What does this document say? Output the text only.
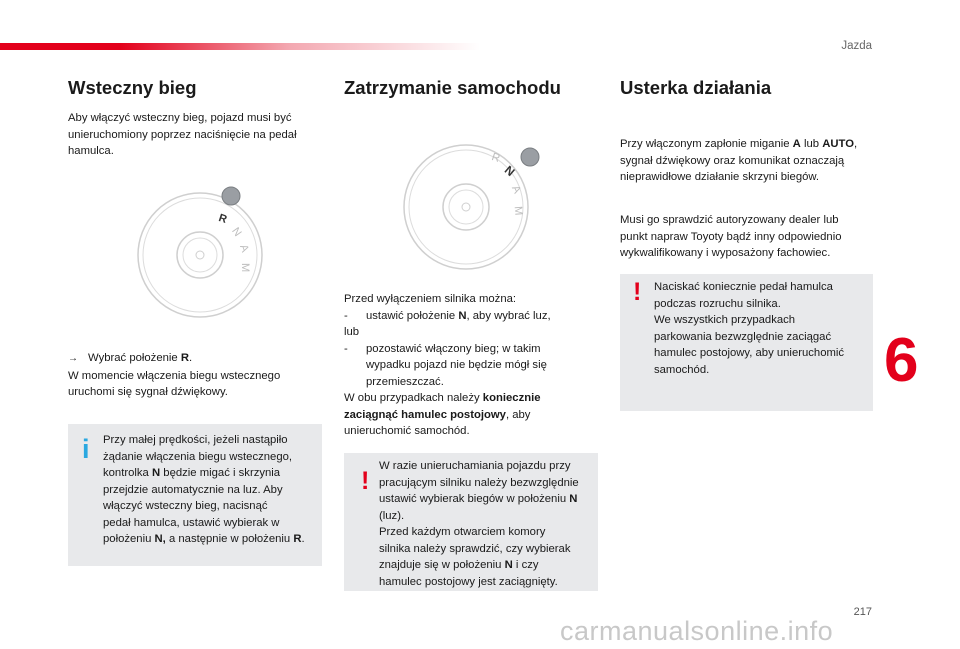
Jazda
Wsteczny bieg
Aby włączyć wsteczny bieg, pojazd musi być
unieruchomiony poprzez naciśnięcie na pedał
hamulca.
R
N
A
M
→ Wybrać położenie R.
W momencie włączenia biegu wstecznego
uruchomi się sygnał dźwiękowy.
i Przy małej prędkości, jeżeli nastąpiło
żądanie włączenia biegu wstecznego,
kontrolka N będzie migać i skrzynia
przejdzie automatycznie na luz. Aby
włączyć wsteczny bieg, nacisnąć
pedał hamulca, ustawić wybierak w
położeniu N, a następnie w położeniu R.
Zatrzymanie samochodu
R
N
A
M
Przed wyłączeniem silnika można:
- ustawić położenie N, aby wybrać luz,
lub
- pozostawić włączony bieg; w takim
wypadku pojazd nie będzie mógł się
przemieszczać.
W obu przypadkach należy koniecznie
zaciągnąć hamulec postojowy, aby
unieruchomić samochód.
!
W razie unieruchamiania pojazdu przy
pracującym silniku należy bezwzględnie
ustawić wybierak biegów w położeniu N
(luz).
Przed każdym otwarciem komory
silnika należy sprawdzić, czy wybierak
znajduje się w położeniu N i czy
hamulec postojowy jest zaciągnięty.
Usterka działania
Przy włączonym zapłonie miganie A lub AUTO,
sygnał dźwiękowy oraz komunikat oznaczają
nieprawidłowe działanie skrzyni biegów.
Musi go sprawdzić autoryzowany dealer lub
punkt napraw Toyoty bądź inny odpowiednio
wykwalifikowany i wyposażony fachowiec.
! Naciskać koniecznie pedał hamulca
podczas rozruchu silnika.
We wszystkich przypadkach
parkowania bezwzględnie zaciągać
hamulec postojowy, aby unieruchomić
samochód.	6
217
carmanualsonline.info
